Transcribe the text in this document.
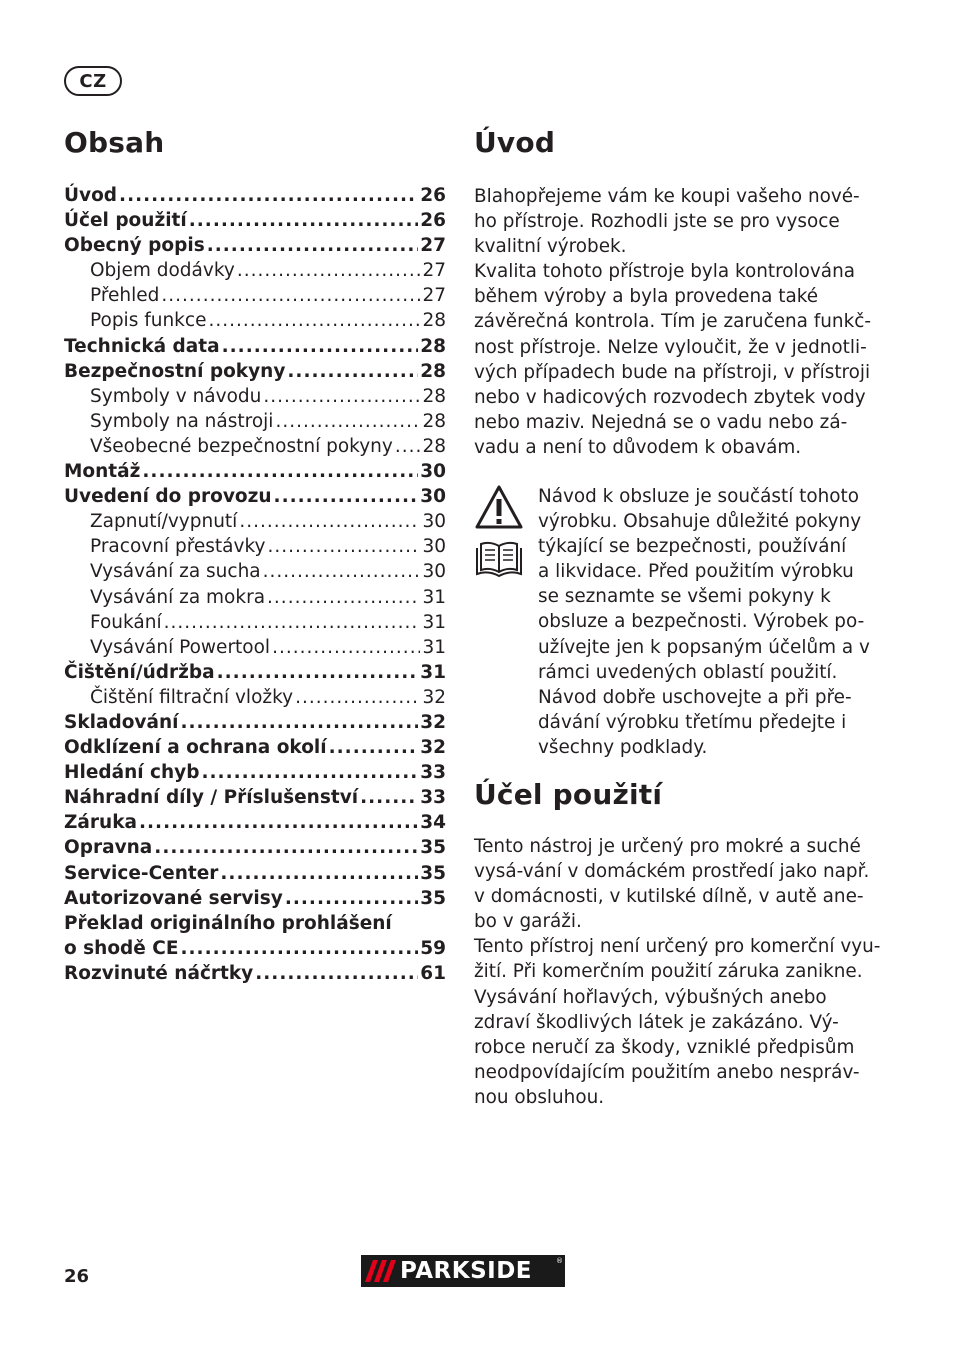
CZ
Obsah
Úvod .....	26
Účel použití .....	26
Obecný popis .....	27
Objem dodávky .....	27
Přehled .....	27
Popis funkce .....	28
Technická data .....	28
Bezpečnostní pokyny .....	28
Symboly v návodu .....	28
Symboly na nástroji .....	28
Všeobecné bezpečnostní pokyny ..... 28
Montáž .....	30
Uvedení do provozu .....	30
Zapnutí/vypnutí .....	30
Pracovní přestávky .....	30
Vysávání za sucha .....	30
Vysávání za mokra .....	31
Foukání .....	31
Vysávání Powertool .....	31
Čištění/údržba .....	31
Čištění filtrační vložky .....	32
Skladování .....	32
Odklízení a ochrana okolí .....	32
Hledání chyb .....	33
Náhradní díly / Příslušenství .....	33
Záruka .....	34
Opravna .....	35
Service-Center .....	35
Autorizované servisy .....	35
Překlad originálního prohlášení
o shodě CE .....	59
Rozvinuté náčrtky .....	61
Úvod

Blahopřejeme vám ke koupi vašeho nové-
ho přístroje. Rozhodli jste se pro vysoce
kvalitní výrobek.
Kvalita tohoto přístroje byla kontrolována
během výroby a byla provedena také
závěrečná kontrola. Tím je zaručena funkč-
nost přístroje. Nelze vyloučit, že v jednotli-
vých případech bude na přístroji, v přístroji
nebo v hadicových rozvodech zbytek vody
nebo maziv. Nejedná se o vadu nebo zá-
vadu a není to důvodem k obavám.

Návod k obsluze je součástí tohoto
výrobku. Obsahuje důležité pokyny
týkající se bezpečnosti, používání
a likvidace. Před použitím výrobku
se seznamte se všemi pokyny k
obsluze a bezpečnosti. Výrobek po-
užívejte jen k popsaným účelům a v
rámci uvedených oblastí použití.
Návod dobře uschovejte a při pře-
dávání výrobku třetímu předejte i
všechny podklady.

Účel použití

Tento nástroj je určený pro mokré a suché
vysá-vání v domáckém prostředí jako např.
v domácnosti, v kutilské dílně, v autě ane-
bo v garáži.
Tento přístroj není určený pro komerční vyu-
žití. Při komerčním použití záruka zanikne.
Vysávání hořlavých, výbušných anebo
zdraví škodlivých látek je zakázáno. Vý-
robce neručí za škody, vzniklé předpisům
neodpovídajícím použitím anebo nespráv-
nou obsluhou.

26	PARKSIDE	®
